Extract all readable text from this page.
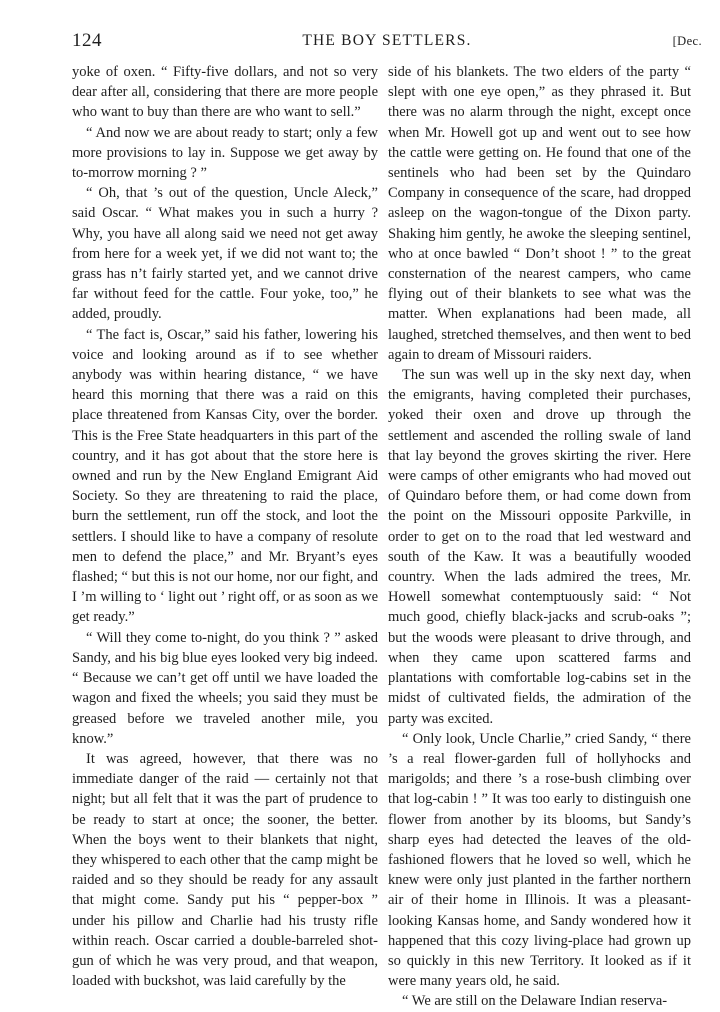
124	THE BOY SETTLERS.	[Dec.

yoke of oxen. “ Fifty-five dollars, and not so very dear after all, considering that there are more people who want to buy than there are who want to sell.”

“ And now we are about ready to start; only a few more provisions to lay in. Suppose we get away by to-morrow morning ? ”

“ Oh, that ’s out of the question, Uncle Aleck,” said Oscar. “ What makes you in such a hurry ? Why, you have all along said we need not get away from here for a week yet, if we did not want to; the grass has n’t fairly started yet, and we cannot drive far without feed for the cattle. Four yoke, too,” he added, proudly.

“ The fact is, Oscar,” said his father, lowering his voice and looking around as if to see whether anybody was within hearing distance, “ we have heard this morning that there was a raid on this place threatened from Kansas City, over the border. This is the Free State headquarters in this part of the country, and it has got about that the store here is owned and run by the New England Emigrant Aid Society. So they are threatening to raid the place, burn the settlement, run off the stock, and loot the settlers. I should like to have a company of resolute men to defend the place,” and Mr. Bryant’s eyes flashed; “ but this is not our home, nor our fight, and I ’m willing to ‘ light out ’ right off, or as soon as we get ready.”

“ Will they come to-night, do you think ? ” asked Sandy, and his big blue eyes looked very big indeed. “ Because we can’t get off until we have loaded the wagon and fixed the wheels; you said they must be greased before we traveled another mile, you know.”

It was agreed, however, that there was no immediate danger of the raid — certainly not that night; but all felt that it was the part of prudence to be ready to start at once; the sooner, the better. When the boys went to their blankets that night, they whispered to each other that the camp might be raided and so they should be ready for any assault that might come. Sandy put his “ pepper-box ” under his pillow and Charlie had his trusty rifle within reach. Oscar carried a double-barreled shot-gun of which he was very proud, and that weapon, loaded with buckshot, was laid carefully by the

side of his blankets. The two elders of the party “ slept with one eye open,” as they phrased it. But there was no alarm through the night, except once when Mr. Howell got up and went out to see how the cattle were getting on. He found that one of the sentinels who had been set by the Quindaro Company in consequence of the scare, had dropped asleep on the wagon-tongue of the Dixon party. Shaking him gently, he awoke the sleeping sentinel, who at once bawled “ Don’t shoot ! ” to the great consternation of the nearest campers, who came flying out of their blankets to see what was the matter. When explanations had been made, all laughed, stretched themselves, and then went to bed again to dream of Missouri raiders.

The sun was well up in the sky next day, when the emigrants, having completed their purchases, yoked their oxen and drove up through the settlement and ascended the rolling swale of land that lay beyond the groves skirting the river. Here were camps of other emigrants who had moved out of Quindaro before them, or had come down from the point on the Missouri opposite Parkville, in order to get on to the road that led westward and south of the Kaw. It was a beautifully wooded country. When the lads admired the trees, Mr. Howell somewhat contemptuously said: “ Not much good, chiefly black-jacks and scrub-oaks ”; but the woods were pleasant to drive through, and when they came upon scattered farms and plantations with comfortable log-cabins set in the midst of cultivated fields, the admiration of the party was excited.

“ Only look, Uncle Charlie,” cried Sandy, “ there ’s a real flower-garden full of hollyhocks and marigolds; and there ’s a rose-bush climbing over that log-cabin ! ” It was too early to distinguish one flower from another by its blooms, but Sandy’s sharp eyes had detected the leaves of the old-fashioned flowers that he loved so well, which he knew were only just planted in the farther northern air of their home in Illinois. It was a pleasant-looking Kansas home, and Sandy wondered how it happened that this cozy living-place had grown up so quickly in this new Territory. It looked as if it were many years old, he said.

“ We are still on the Delaware Indian reserva-
